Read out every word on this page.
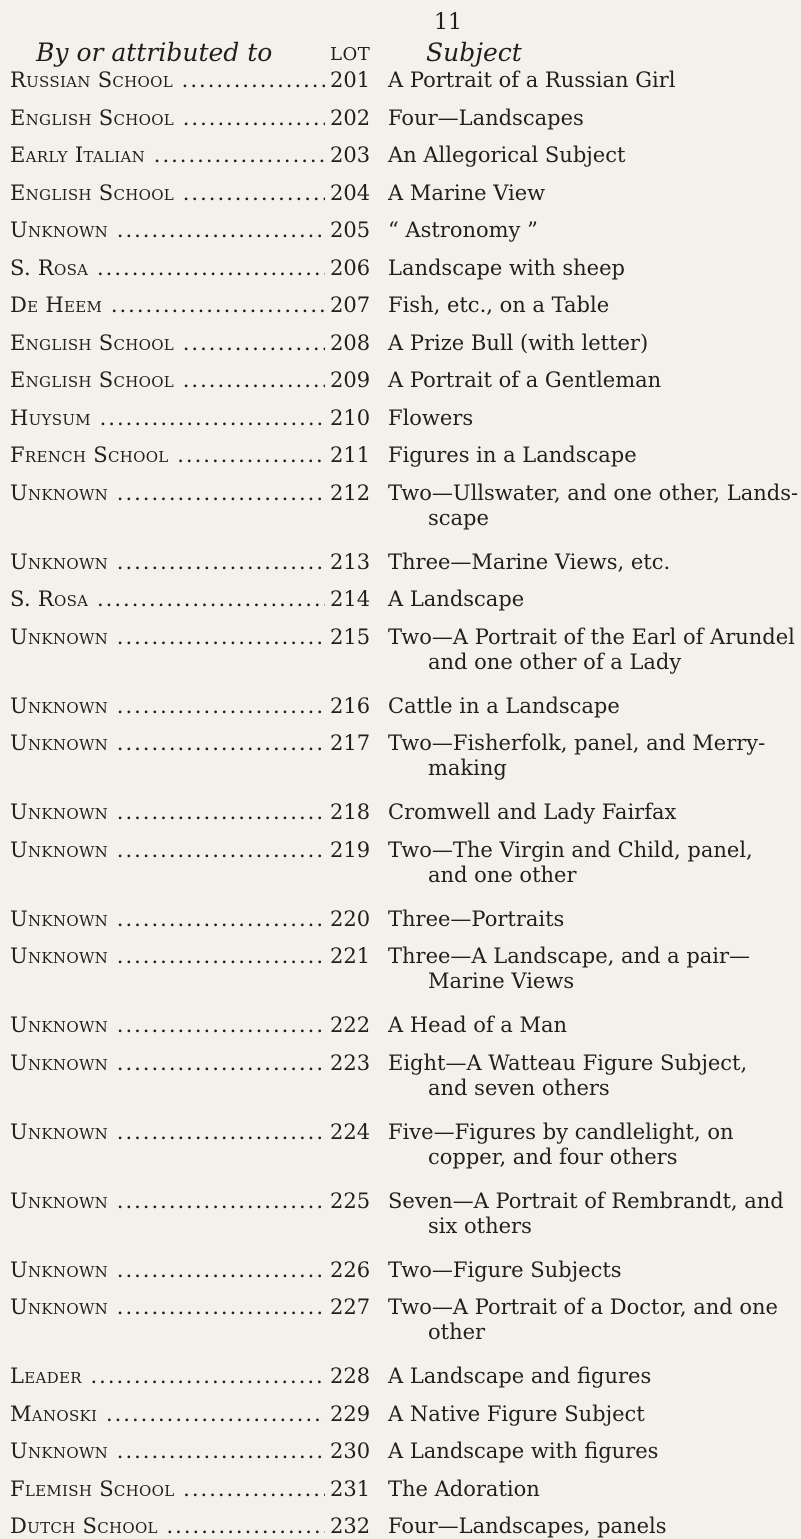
11
By or attributed to	LOT Subject
Russian School .....	201 A Portrait of a Russian Girl
English School .....	202 Four—Landscapes
Early Italian .....	203 An Allegorical Subject
English School .....	204 A Marine View
Unknown .....	205 “ Astronomy ”
S. Rosa .....	206 Landscape with sheep
De Heem .....	207 Fish, etc., on a Table
English School .....	208 A Prize Bull (with letter)
English School .....	209 A Portrait of a Gentleman
Huysum .....	210 Flowers
French School .....	211 Figures in a Landscape
Unknown .....	212 Two—Ullswater, and one other, Lands-
scape
Unknown .....	213 Three—Marine Views, etc.
S. Rosa .....	214 A Landscape
Unknown .....	215 Two—A Portrait of the Earl of Arundel
and one other of a Lady
Unknown .....	216 Cattle in a Landscape
Unknown .....	217 Two—Fisherfolk, panel, and Merry-
making
Unknown .....	218 Cromwell and Lady Fairfax
Unknown .....	219 Two—The Virgin and Child, panel,
and one other
Unknown .....	220 Three—Portraits
Unknown .....	221 Three—A Landscape, and a pair—
Marine Views
Unknown .....	222 A Head of a Man
Unknown .....	223 Eight—A Watteau Figure Subject,
and seven others
Unknown .....	224 Five—Figures by candlelight, on
copper, and four others
Unknown .....	225 Seven—A Portrait of Rembrandt, and
six others
Unknown .....	226 Two—Figure Subjects
Unknown .....	227 Two—A Portrait of a Doctor, and one
other
Leader .....	228 A Landscape and figures
Manoski .....	229 A Native Figure Subject
Unknown .....	230 A Landscape with figures
Flemish School .....	231 The Adoration
Dutch School .....	232 Four—Landscapes, panels
